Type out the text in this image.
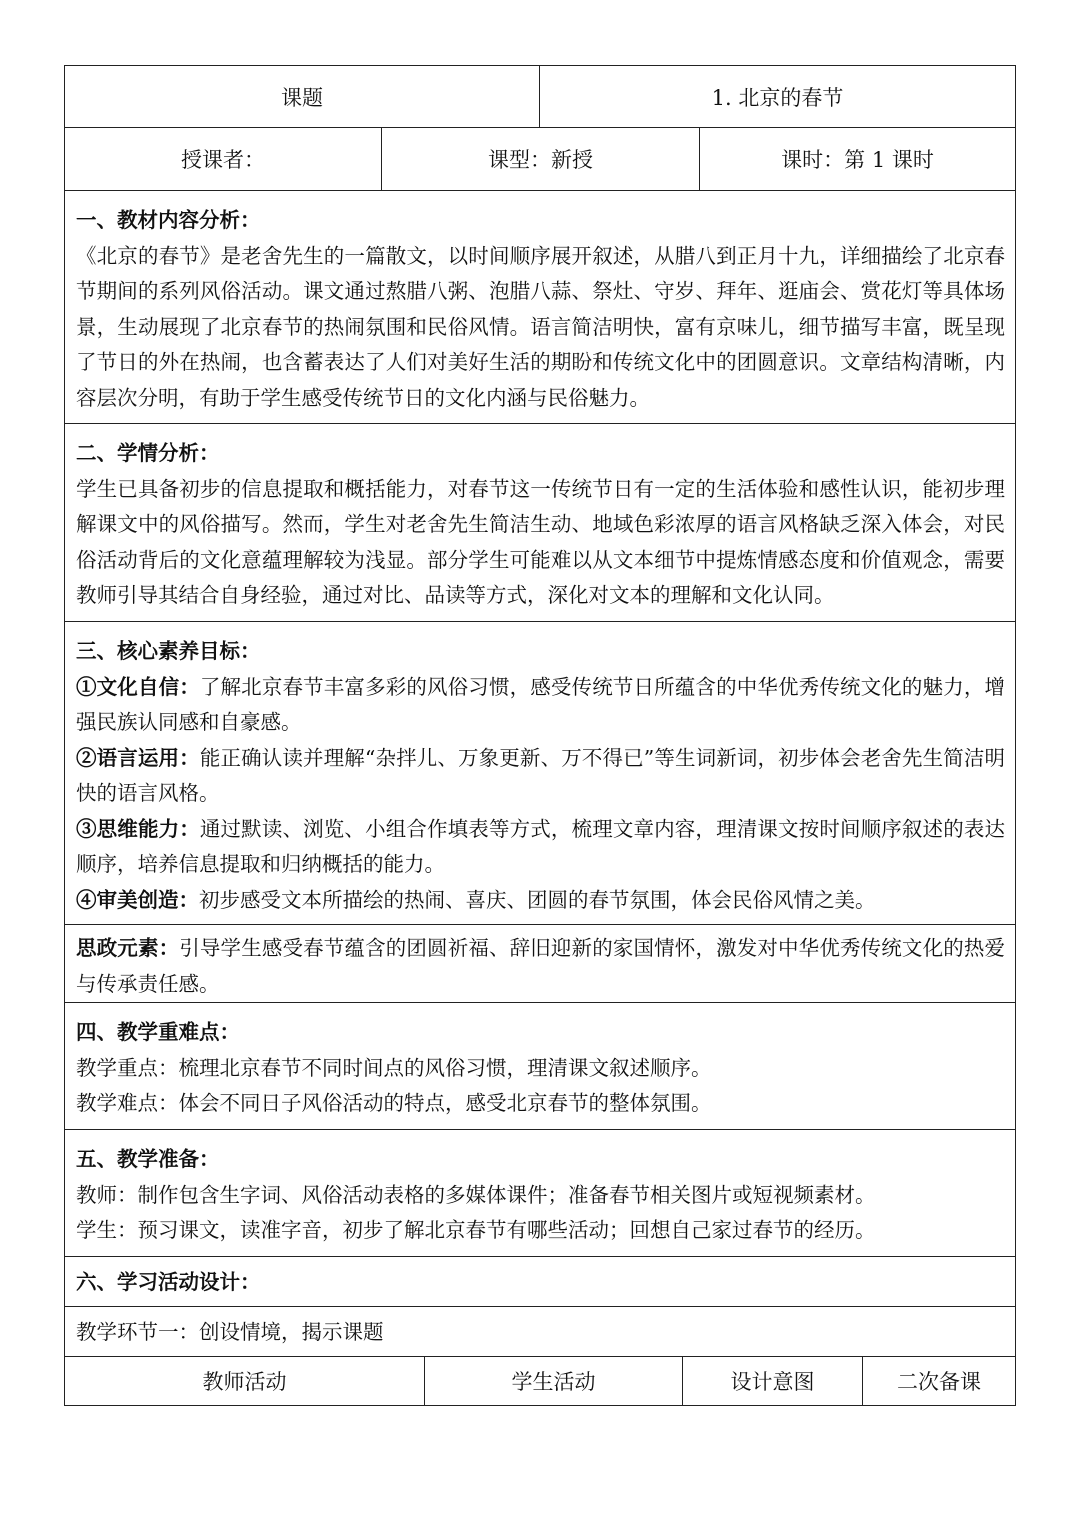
课题	1. 北京的春节
授课者：	课型：新授	课时：第 1 课时

一、教材内容分析：

《北京的春节》是老舍先生的一篇散文，以时间顺序展开叙述，从腊八到正月十九，详细描绘了北京春节期间的系列风俗活动。课文通过熬腊八粥、泡腊八蒜、祭灶、守岁、拜年、逛庙会、赏花灯等具体场景，生动展现了北京春节的热闹氛围和民俗风情。语言简洁明快，富有京味儿，细节描写丰富，既呈现了节日的外在热闹，也含蓄表达了人们对美好生活的期盼和传统文化中的团圆意识。文章结构清晰，内容层次分明，有助于学生感受传统节日的文化内涵与民俗魅力。

二、学情分析：

学生已具备初步的信息提取和概括能力，对春节这一传统节日有一定的生活体验和感性认识，能初步理解课文中的风俗描写。然而，学生对老舍先生简洁生动、地域色彩浓厚的语言风格缺乏深入体会，对民俗活动背后的文化意蕴理解较为浅显。部分学生可能难以从文本细节中提炼情感态度和价值观念，需要教师引导其结合自身经验，通过对比、品读等方式，深化对文本的理解和文化认同。

三、核心素养目标：

①文化自信：了解北京春节丰富多彩的风俗习惯，感受传统节日所蕴含的中华优秀传统文化的魅力，增强民族认同感和自豪感。

②语言运用：能正确认读并理解“杂拌儿、万象更新、万不得已”等生词新词，初步体会老舍先生简洁明快的语言风格。

③思维能力：通过默读、浏览、小组合作填表等方式，梳理文章内容，理清课文按时间顺序叙述的表达顺序，培养信息提取和归纳概括的能力。

④审美创造：初步感受文本所描绘的热闹、喜庆、团圆的春节氛围，体会民俗风情之美。

思政元素：引导学生感受春节蕴含的团圆祈福、辞旧迎新的家国情怀，激发对中华优秀传统文化的热爱与传承责任感。

四、教学重难点：

教学重点：梳理北京春节不同时间点的风俗习惯，理清课文叙述顺序。

教学难点：体会不同日子风俗活动的特点，感受北京春节的整体氛围。

五、教学准备：

教师：制作包含生字词、风俗活动表格的多媒体课件；准备春节相关图片或短视频素材。

学生：预习课文，读准字音，初步了解北京春节有哪些活动；回想自己家过春节的经历。

六、学习活动设计：
教学环节一：创设情境，揭示课题
教师活动	学生活动	设计意图	二次备课
